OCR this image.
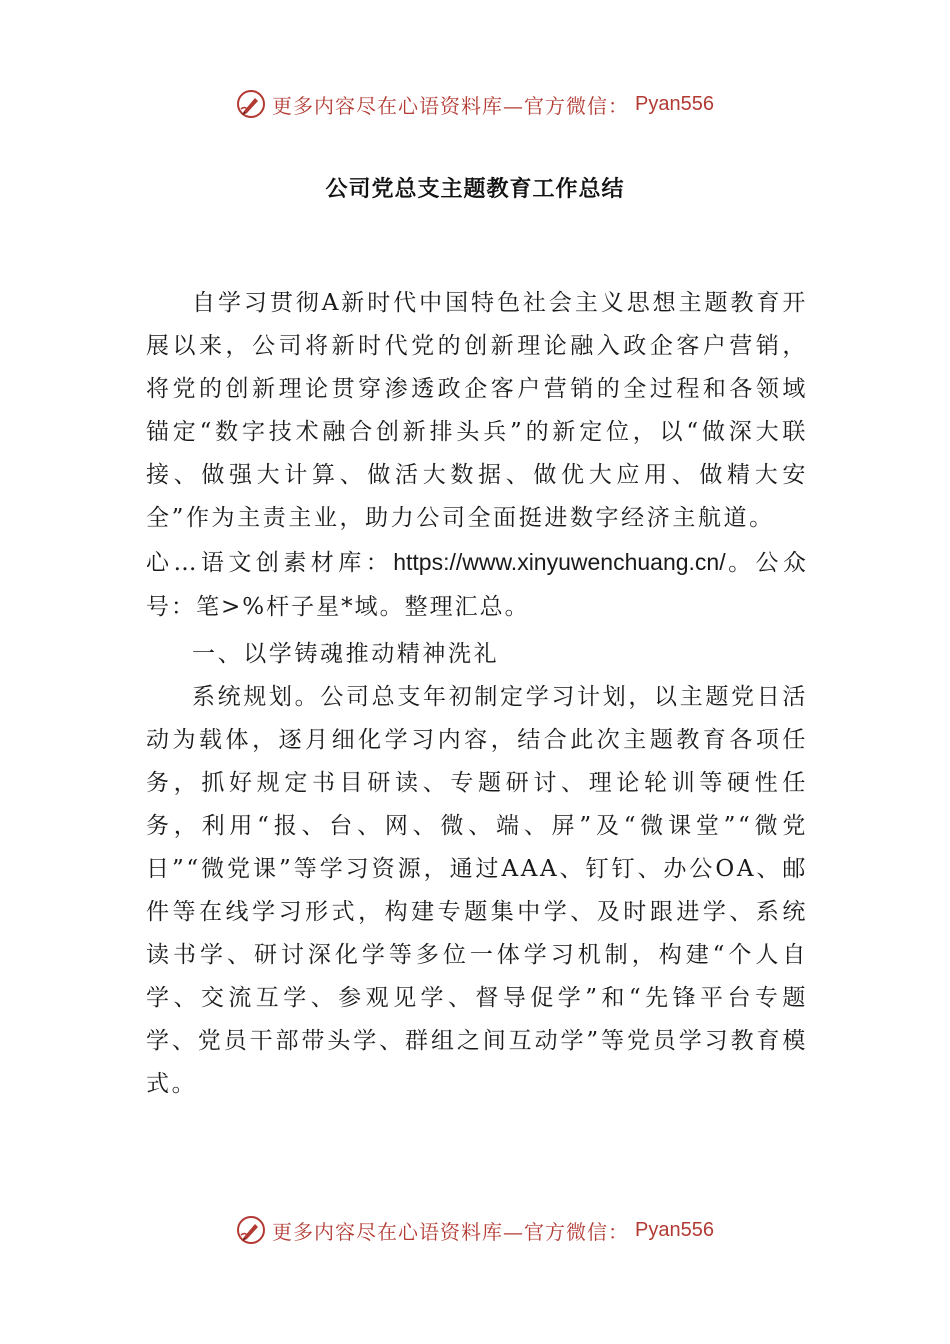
更多内容尽在心语资料库—官方微信： Pyan556
公司党总支主题教育工作总结

自学习贯彻A新时代中国特色社会主义思想主题教育开展以来，公司将新时代党的创新理论融入政企客户营销，将党的创新理论贯穿渗透政企客户营销的全过程和各领域锚定“数字技术融合创新排头兵”的新定位，以“做深大联接、做强大计算、做活大数据、做优大应用、做精大安全”作为主责主业，助力公司全面挺进数字经济主航道。

心…语文创素材库：https://www.xinyuwenchuang.cn/。公众号：笔>%杆子星*域。整理汇总。

一、以学铸魂推动精神洗礼

系统规划。公司总支年初制定学习计划，以主题党日活动为载体，逐月细化学习内容，结合此次主题教育各项任务，抓好规定书目研读、专题研讨、理论轮训等硬性任务，利用“报、台、网、微、端、屏”及“微课堂”“微党日”“微党课”等学习资源，通过AAA、钉钉、办公OA、邮件等在线学习形式，构建专题集中学、及时跟进学、系统读书学、研讨深化学等多位一体学习机制，构建“个人自学、交流互学、参观见学、督导促学”和“先锋平台专题学、党员干部带头学、群组之间互动学”等党员学习教育模式。

更多内容尽在心语资料库—官方微信： Pyan556
